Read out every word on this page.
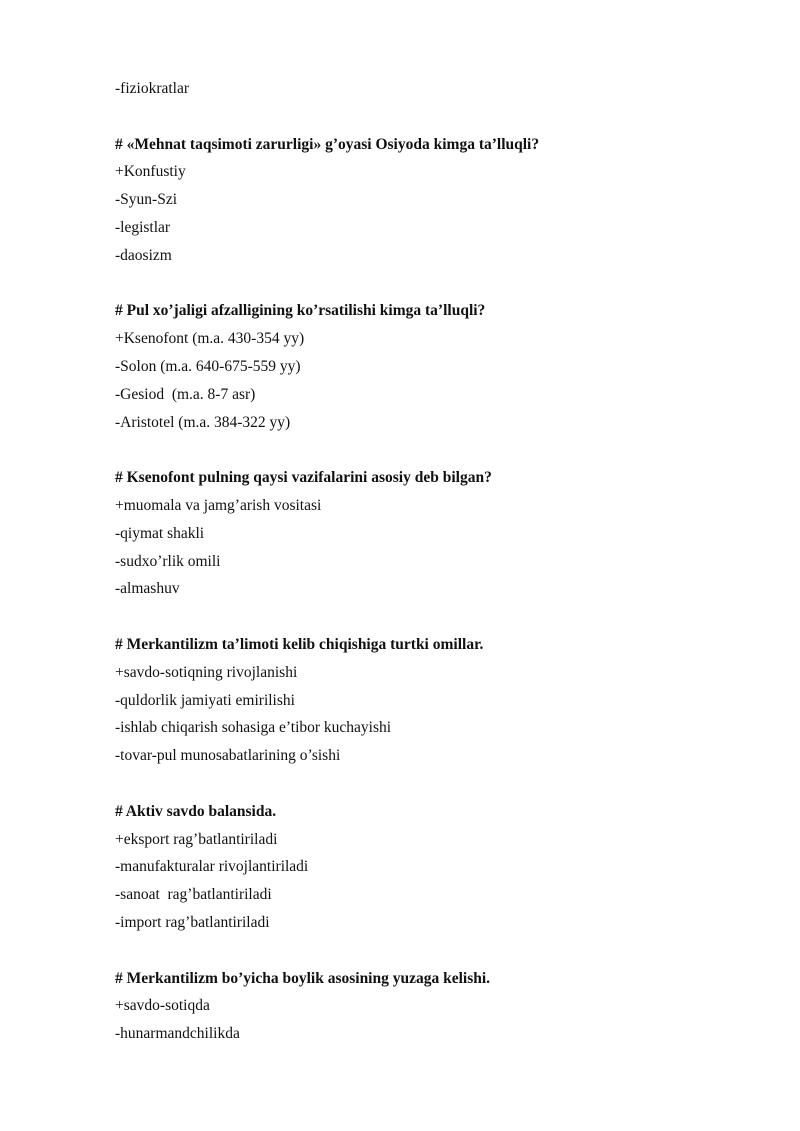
-fiziokratlar
# «Mehnat taqsimoti zarurligi» g’oyasi Osiyoda kimga ta’lluqli?
+Konfustiy
-Syun-Szi
-legistlar
-daosizm
# Pul xo’jaligi afzalligining ko’rsatilishi kimga ta’lluqli?
+Ksenofont (m.a. 430-354 yy)
-Solon (m.a. 640-675-559 yy)
-Gesiod  (m.a. 8-7 asr)
-Aristotel (m.a. 384-322 yy)
# Ksenofont pulning qaysi vazifalarini asosiy deb bilgan?
+muomala va jamg’arish vositasi
-qiymat shakli
-sudxo’rlik omili
-almashuv
# Merkantilizm ta’limoti kelib chiqishiga turtki omillar.
+savdo-sotiqning rivojlanishi
-quldorlik jamiyati emirilishi
-ishlab chiqarish sohasiga e’tibor kuchayishi
-tovar-pul munosabatlarining o’sishi
# Aktiv savdo balansida.
+eksport rag’batlantiriladi
-manufakturalar rivojlantiriladi
-sanoat  rag’batlantiriladi
-import rag’batlantiriladi
# Merkantilizm bo’yicha boylik asosining yuzaga kelishi.
+savdo-sotiqda
-hunarmandchilikda
